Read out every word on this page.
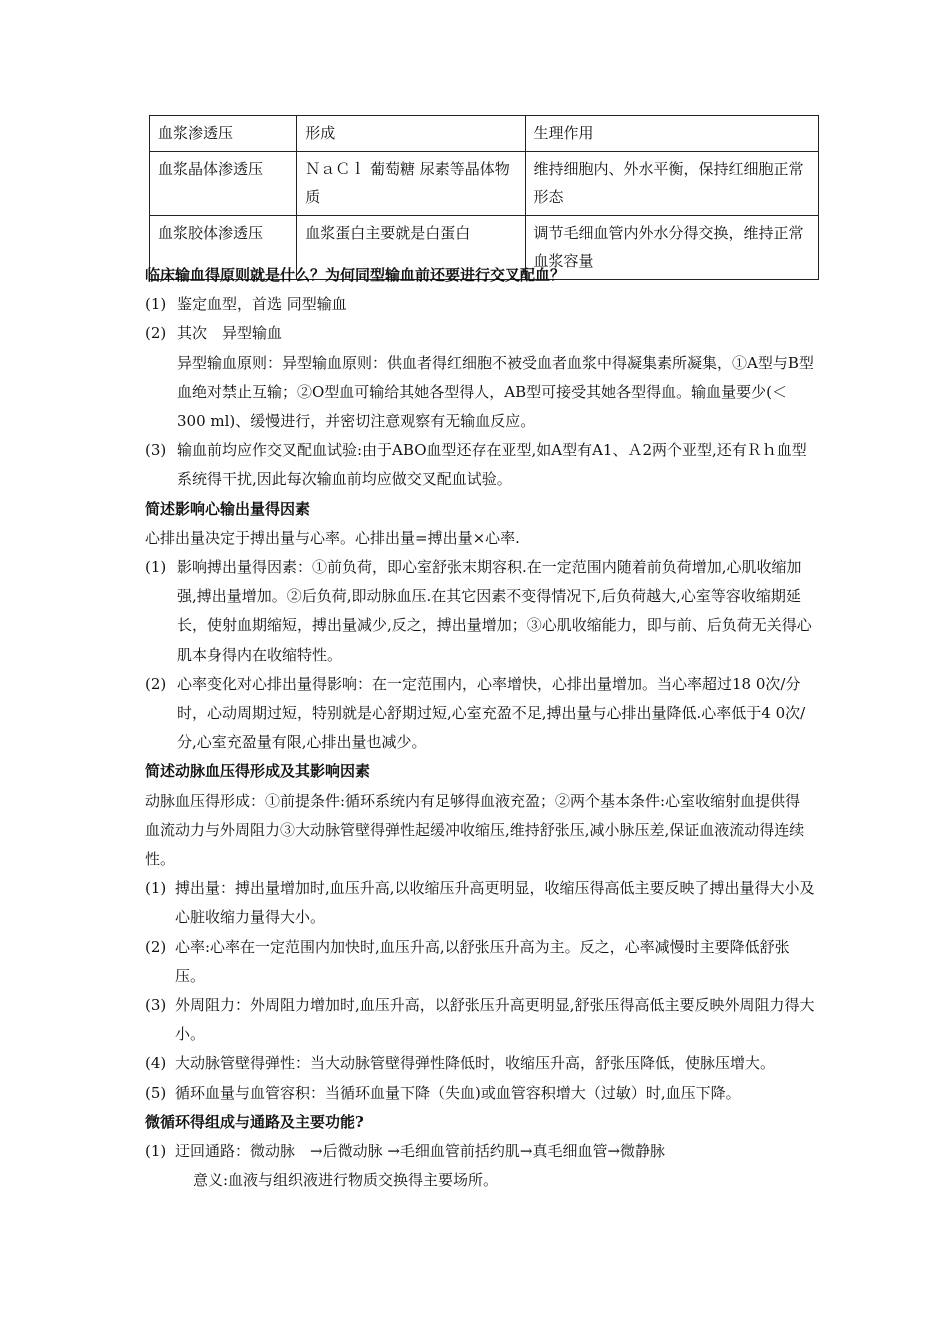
血浆渗透压	形成	生理作用
血浆晶体渗透压	ＮａＣｌ 葡萄糖 尿素等晶体物质	维持细胞内、外水平衡，保持红细胞正常形态
血浆胶体渗透压	血浆蛋白主要就是白蛋白	调节毛细血管内外水分得交换，维持正常血浆容量

临床输血得原则就是什么？为何同型输血前还要进行交叉配血？

(1) 鉴定血型，首选 同型输血
(2) 其次　异型输血

异型输血原则：异型输血原则：供血者得红细胞不被受血者血浆中得凝集素所凝集，①A型与B型血绝对禁止互输；②O型血可输给其她各型得人，AB型可接受其她各型得血。输血量要少(＜300 ml)、缓慢进行，并密切注意观察有无输血反应。

(3) 输血前均应作交叉配血试验:由于ABO血型还存在亚型,如A型有A1、Ａ2两个亚型,还有Ｒｈ血型系统得干扰,因此每次输血前均应做交叉配血试验。

简述影响心输出量得因素

心排出量决定于搏出量与心率。心排出量=搏出量×心率.

(1) 影响搏出量得因素：①前负荷，即心室舒张末期容积.在一定范围内随着前负荷增加,心肌收缩加强,搏出量增加。②后负荷,即动脉血压.在其它因素不变得情况下,后负荷越大,心室等容收缩期延长，使射血期缩短，搏出量减少,反之，搏出量增加；③心肌收缩能力，即与前、后负荷无关得心肌本身得内在收缩特性。
(2) 心率变化对心排出量得影响：在一定范围内，心率增快，心排出量增加。当心率超过18 0次/分时，心动周期过短，特别就是心舒期过短,心室充盈不足,搏出量与心排出量降低.心率低于4 0次/分,心室充盈量有限,心排出量也减少。

简述动脉血压得形成及其影响因素

动脉血压得形成：①前提条件:循环系统内有足够得血液充盈；②两个基本条件:心室收缩射血提供得血流动力与外周阻力③大动脉管壁得弹性起缓冲收缩压,维持舒张压,减小脉压差,保证血液流动得连续性。

(1) 搏出量：搏出量增加时,血压升高,以收缩压升高更明显，收缩压得高低主要反映了搏出量得大小及心脏收缩力量得大小。
(2) 心率:心率在一定范围内加快时,血压升高,以舒张压升高为主。反之，心率减慢时主要降低舒张压。
(3) 外周阻力：外周阻力增加时,血压升高，以舒张压升高更明显,舒张压得高低主要反映外周阻力得大小。
(4) 大动脉管壁得弹性：当大动脉管壁得弹性降低时，收缩压升高，舒张压降低，使脉压增大。
(5) 循环血量与血管容积：当循环血量下降（失血)或血管容积增大（过敏）时,血压下降。

微循环得组成与通路及主要功能?

(1) 迂回通路：微动脉　→后微动脉 →毛细血管前括约肌→真毛细血管→微静脉

意义:血液与组织液进行物质交换得主要场所。
